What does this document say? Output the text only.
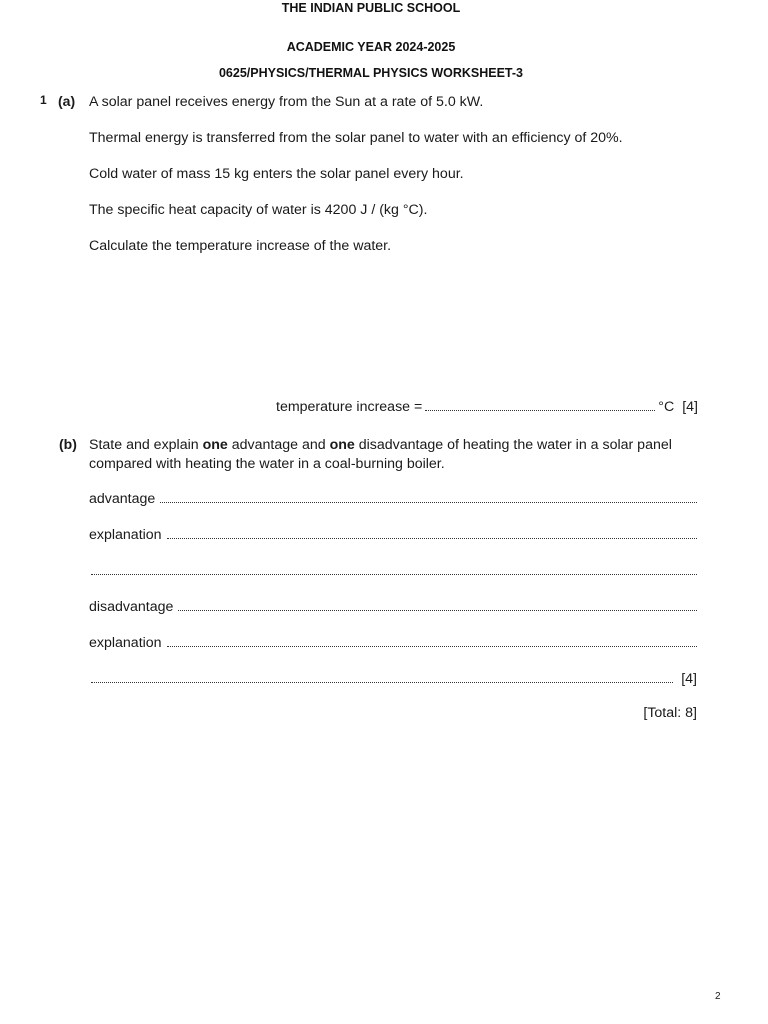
THE INDIAN PUBLIC SCHOOL
ACADEMIC YEAR 2024-2025
0625/PHYSICS/THERMAL PHYSICS WORKSHEET-3
1 (a) A solar panel receives energy from the Sun at a rate of 5.0 kW.
Thermal energy is transferred from the solar panel to water with an efficiency of 20%.
Cold water of mass 15 kg enters the solar panel every hour.
The specific heat capacity of water is 4200 J / (kg °C).
Calculate the temperature increase of the water.
temperature increase =	°C [4]
(b) State and explain one advantage and one disadvantage of heating the water in a solar panel
compared with heating the water in a coal-burning boiler.
advantage
explanation
disadvantage
explanation
[4]
[Total: 8]
2
